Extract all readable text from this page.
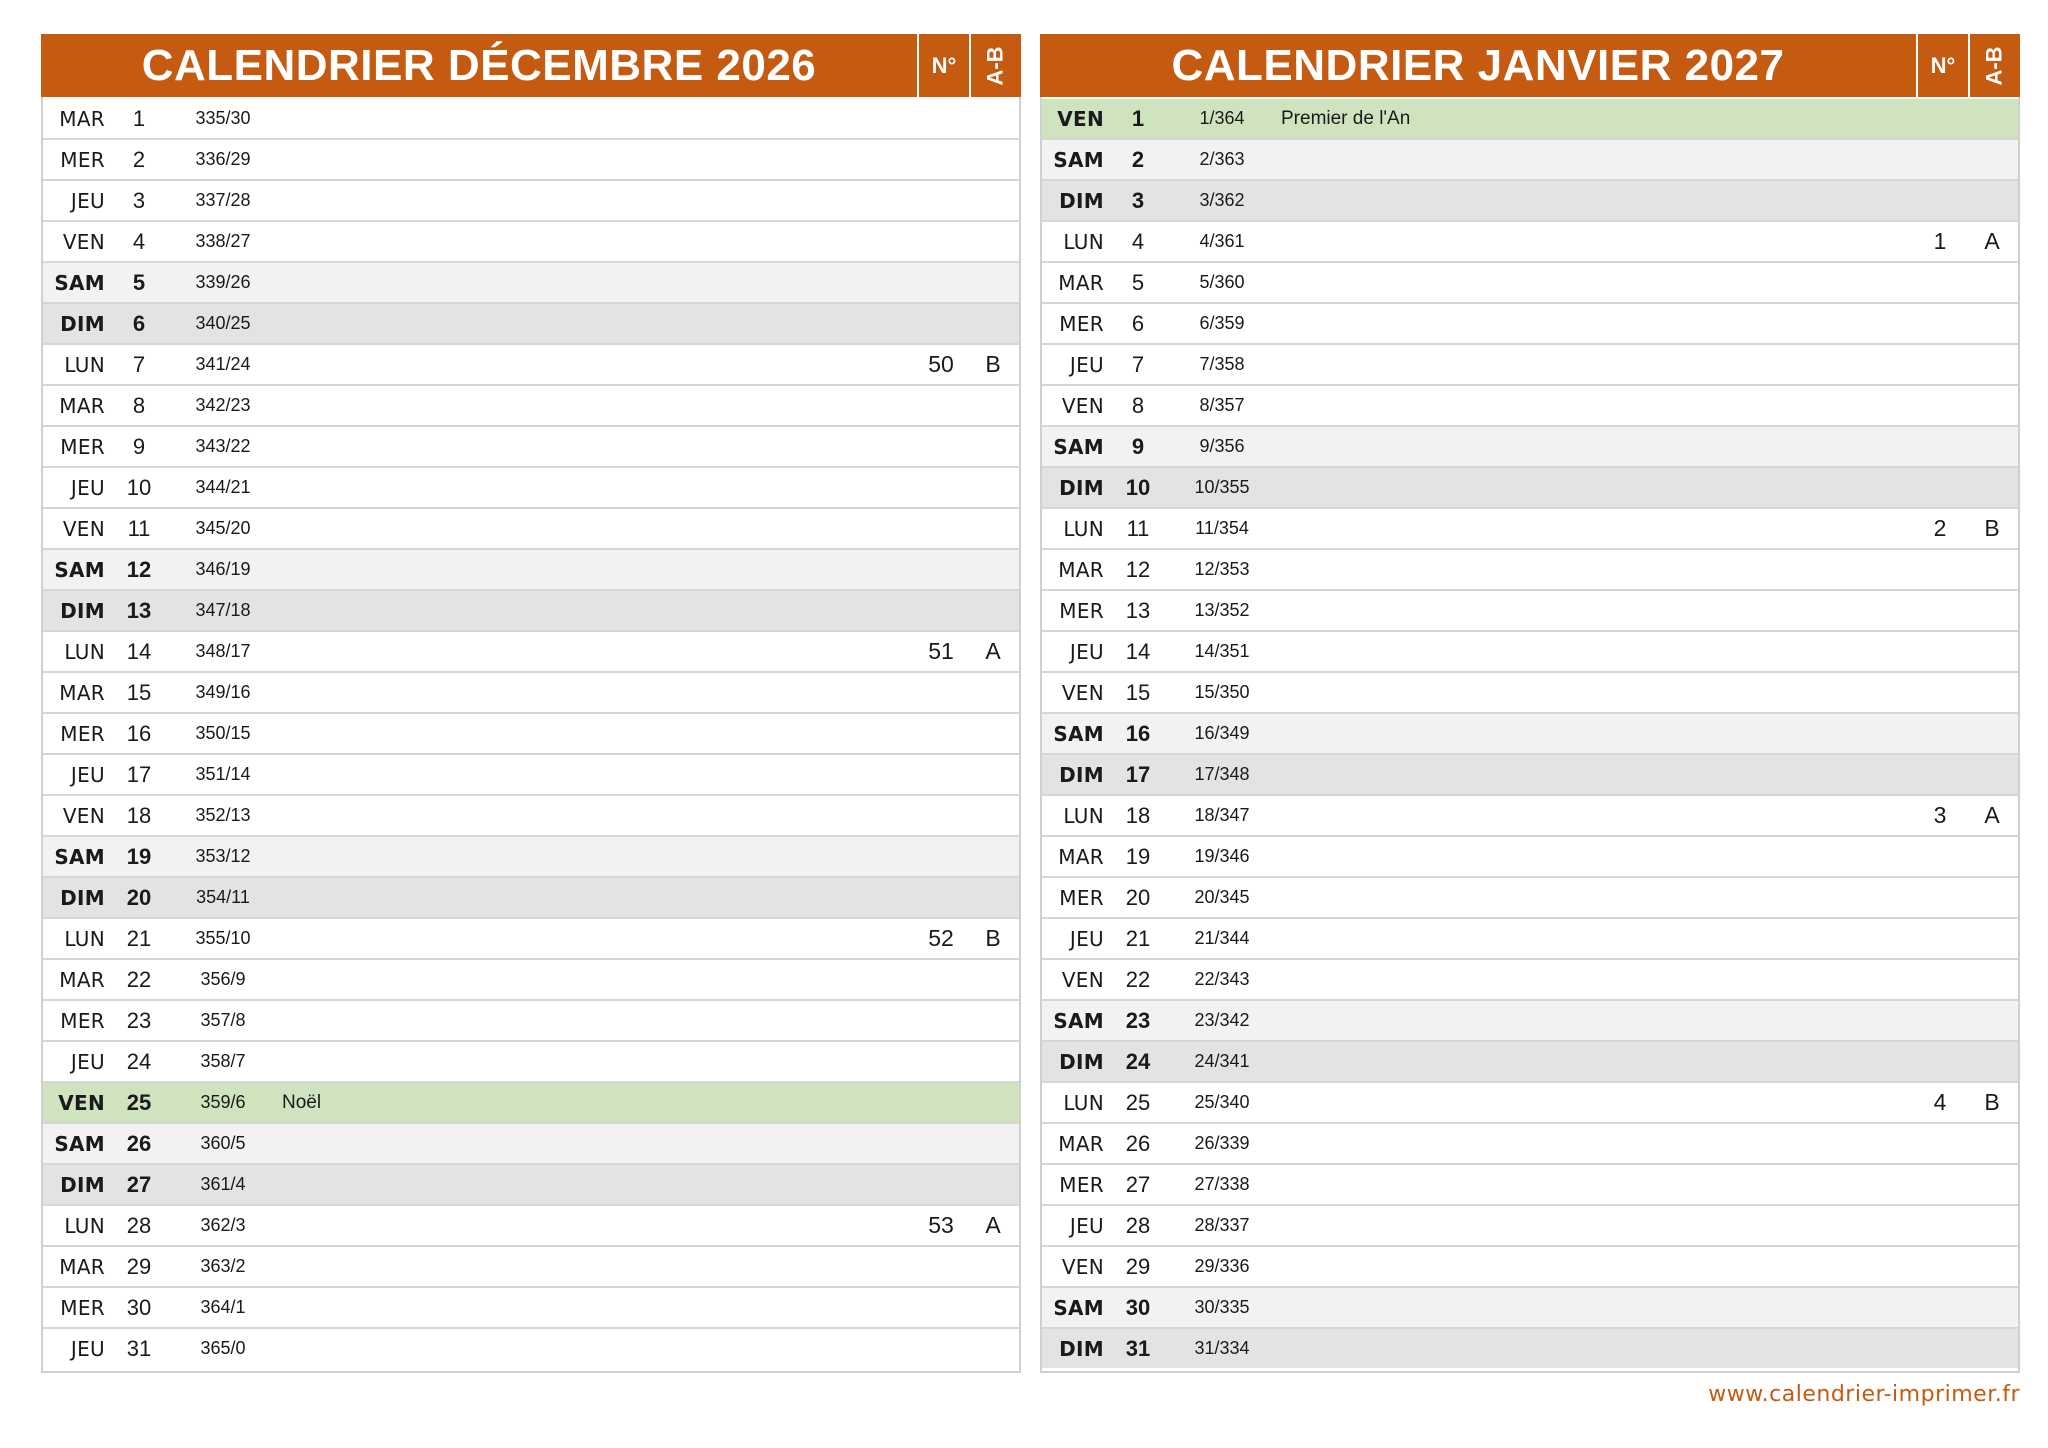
CALENDRIER DÉCEMBRE 2026	N°	A-B
MAR	1	335/30
MER	2	336/29
JEU	3	337/28
VEN	4	338/27
SAM	5	339/26
DIM	6	340/25
LUN	7	341/24	50	B
MAR	8	342/23
MER	9	343/22
JEU 10	344/21
VEN	11	345/20
SAM 12	346/19
DIM 13	347/18
LUN 14	348/17	51	A
MAR 15	349/16
MER 16	350/15
JEU 17	351/14
VEN 18	352/13
SAM 19	353/12
DIM 20	354/11
LUN 21	355/10	52	B
MAR 22	356/9
MER 23	357/8
JEU 24	358/7
VEN 25	359/6	Noël
SAM 26	360/5
DIM 27	361/4
LUN 28	362/3	53	A
MAR 29	363/2
MER 30	364/1
JEU 31	365/0
CALENDRIER JANVIER 2027	N°	A-B
VEN	1	1/364	Premier de l'An
SAM	2	2/363
DIM	3	3/362
LUN	4	4/361	1	A
MAR	5	5/360
MER	6	6/359
JEU	7	7/358
VEN	8	8/357
SAM	9	9/356
DIM 10	10/355
LUN	11	11/354	2	B
MAR 12	12/353
MER 13	13/352
JEU 14	14/351
VEN 15	15/350
SAM 16	16/349
DIM 17	17/348
LUN 18	18/347	3	A
MAR 19	19/346
MER 20	20/345
JEU 21	21/344
VEN 22	22/343
SAM 23	23/342
DIM 24	24/341
LUN 25	25/340	4	B
MAR 26	26/339
MER 27	27/338
JEU 28	28/337
VEN 29	29/336
SAM 30	30/335
DIM 31	31/334
www.calendrier-imprimer.fr
